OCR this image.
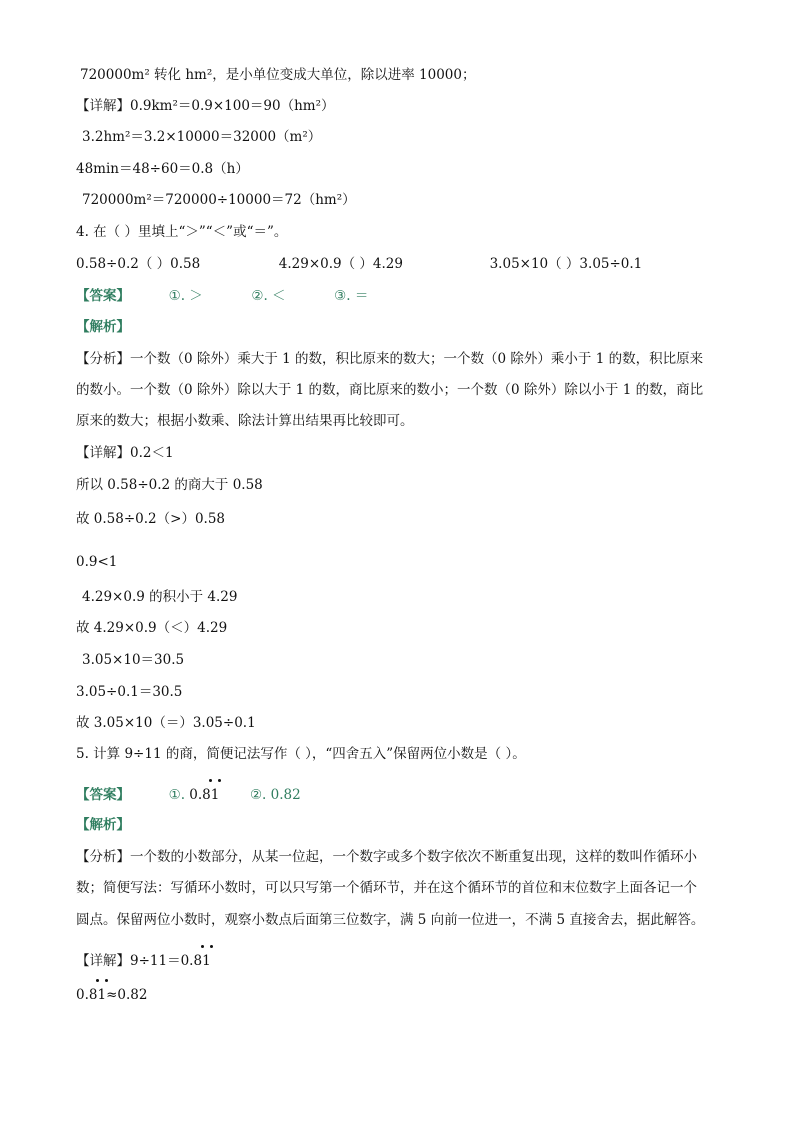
720000m² 转化 hm²，是小单位变成大单位，除以进率 10000；
【详解】0.9km²＝0.9×100＝90（hm²）
3.2hm²＝3.2×10000＝32000（m²）
48min＝48÷60＝0.8（h）
720000m²＝720000÷10000＝72（hm²）
4. 在（ ）里填上“＞”“＜”或“＝”。
0.58÷0.2（ ）0.58	4.29×0.9（ ）4.29	3.05×10（ ）3.05÷0.1
【答案】	①. ＞	②. ＜	③. ＝
【解析】
【分析】一个数（0 除外）乘大于 1 的数，积比原来的数大；一个数（0 除外）乘小于 1 的数，积比原来
的数小。一个数（0 除外）除以大于 1 的数，商比原来的数小；一个数（0 除外）除以小于 1 的数，商比
原来的数大；根据小数乘、除法计算出结果再比较即可。
【详解】0.2＜1
所以 0.58÷0.2 的商大于 0.58
故 0.58÷0.2（>）0.58
0.9<1
4.29×0.9 的积小于 4.29
故 4.29×0.9（＜）4.29
3.05×10＝30.5
3.05÷0.1＝30.5
故 3.05×10（＝）3.05÷0.1
5. 计算 9÷11 的商，简便记法写作（ ），“四舍五入”保留两位小数是（ ）。
【答案】	①. 0.81 ②. 0.82
【解析】
【分析】一个数的小数部分，从某一位起，一个数字或多个数字依次不断重复出现，这样的数叫作循环小
数；简便写法：写循环小数时，可以只写第一个循环节，并在这个循环节的首位和末位数字上面各记一个
圆点。保留两位小数时，观察小数点后面第三位数字，满 5 向前一位进一，不满 5 直接舍去，据此解答。
【详解】9÷11＝0.81
0.81
≈0.82
